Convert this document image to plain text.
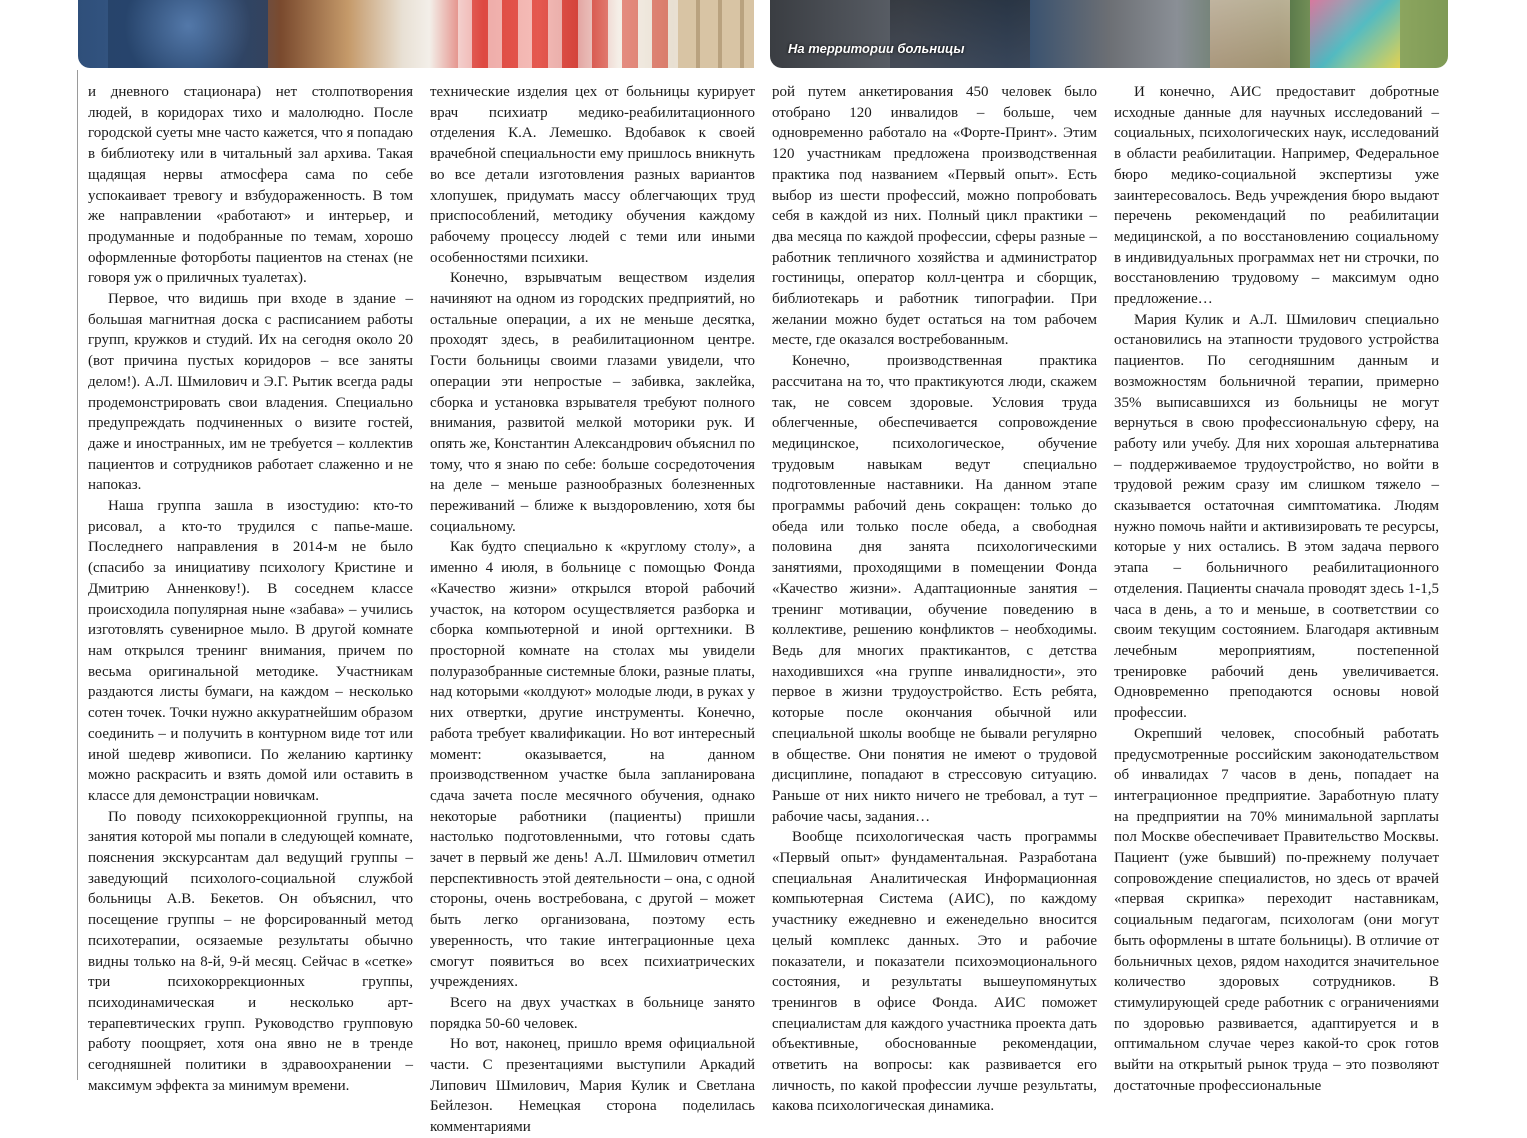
На территории больницы

и дневного стационара) нет столпотворения людей, в коридорах тихо и малолюдно. После городской суеты мне часто кажется, что я попадаю в библиотеку или в читальный зал архива. Такая щадящая нервы атмосфера сама по себе успокаивает тревогу и взбудораженность. В том же направлении «работают» и интерьер, и продуманные и подобранные по темам, хорошо оформленные фоторботы пациентов на стенах (не говоря уж о приличных туалетах).

Первое, что видишь при входе в здание – большая магнитная доска с расписанием работы групп, кружков и студий. Их на сегодня около 20 (вот причина пустых коридоров – все заняты делом!). А.Л. Шмилович и Э.Г. Рытик всегда рады продемонстрировать свои владения. Специально предупреждать подчиненных о визите гостей, даже и иностранных, им не требуется – коллектив пациентов и сотрудников работает слаженно и не напоказ.

Наша группа зашла в изостудию: кто-то рисовал, а кто-то трудился с папье-маше. Последнего направления в 2014-м не было (спасибо за инициативу психологу Кристине и Дмитрию Анненкову!). В соседнем классе происходила популярная ныне «забава» – учились изготовлять сувенирное мыло. В другой комнате нам открылся тренинг внимания, причем по весьма оригинальной методике. Участникам раздаются листы бумаги, на каждом – несколько сотен точек. Точки нужно аккуратнейшим образом соединить – и получить в контурном виде тот или иной шедевр живописи. По желанию картинку можно раскрасить и взять домой или оставить в классе для демонстрации новичкам.

По поводу психокоррекционной группы, на занятия которой мы попали в следующей комнате, пояснения экскурсантам дал ведущий группы – заведующий психолого-социальной службой больницы А.В. Бекетов. Он объяснил, что посещение группы – не форсированный метод психотерапии, осязаемые результаты обычно видны только на 8-й, 9-й месяц. Сейчас в «сетке» три психокоррекционных группы, психодинамическая и несколько арт-терапевтических групп. Руководство групповую работу поощряет, хотя она явно не в тренде сегодняшней политики в здравоохранении – максимум эффекта за минимум времени.

технические изделия цех от больницы курирует врач психиатр медико-реабилитационного отделения К.А. Лемешко. Вдобавок к своей врачебной специальности ему пришлось вникнуть во все детали изготовления разных вариантов хлопушек, придумать массу облегчающих труд приспособлений, методику обучения каждому рабочему процессу людей с теми или иными особенностями психики.

Конечно, взрывчатым веществом изделия начиняют на одном из городских предприятий, но остальные операции, а их не меньше десятка, проходят здесь, в реабилитационном центре. Гости больницы своими глазами увидели, что операции эти непростые – забивка, заклейка, сборка и установка взрывателя требуют полного внимания, развитой мелкой моторики рук. И опять же, Константин Александрович объяснил по тому, что я знаю по себе: больше сосредоточения на деле – меньше разнообразных болезненных переживаний – ближе к выздоровлению, хотя бы социальному.

Как будто специально к «круглому столу», а именно 4 июля, в больнице с помощью Фонда «Качество жизни» открылся второй рабочий участок, на котором осуществляется разборка и сборка компьютерной и иной оргтехники. В просторной комнате на столах мы увидели полуразобранные системные блоки, разные платы, над которыми «колдуют» молодые люди, в руках у них отвертки, другие инструменты. Конечно, работа требует квалификации. Но вот интересный момент: оказывается, на данном производственном участке была запланирована сдача зачета после месячного обучения, однако некоторые работники (пациенты) пришли настолько подготовленными, что готовы сдать зачет в первый же день! А.Л. Шмилович отметил перспективность этой деятельности – она, с одной стороны, очень востребована, с другой – может быть легко организована, поэтому есть уверенность, что такие интеграционные цеха смогут появиться во всех психиатрических учреждениях.

Всего на двух участках в больнице занято порядка 50-60 человек.

Но вот, наконец, пришло время официальной части. С презентациями выступили Аркадий Липович Шмилович, Мария Кулик и Светлана Бейлезон. Немецкая сторона поделилась комментариями

рой путем анкетирования 450 человек было отобрано 120 инвалидов – больше, чем одновременно работало на «Форте-Принт». Этим 120 участникам предложена производственная практика под названием «Первый опыт». Есть выбор из шести профессий, можно попробовать себя в каждой из них. Полный цикл практики – два месяца по каждой профессии, сферы разные – работник тепличного хозяйства и администратор гостиницы, оператор колл-центра и сборщик, библиотекарь и работник типографии. При желании можно будет остаться на том рабочем месте, где оказался востребованным.

Конечно, производственная практика рассчитана на то, что практикуются люди, скажем так, не совсем здоровые. Условия труда облегченные, обеспечивается сопровождение медицинское, психологическое, обучение трудовым навыкам ведут специально подготовленные наставники. На данном этапе программы рабочий день сокращен: только до обеда или только после обеда, а свободная половина дня занята психологическими занятиями, проходящими в помещении Фонда «Качество жизни». Адаптационные занятия – тренинг мотивации, обучение поведению в коллективе, решению конфликтов – необходимы. Ведь для многих практикантов, с детства находившихся «на группе инвалидности», это первое в жизни трудоустройство. Есть ребята, которые после окончания обычной или специальной школы вообще не бывали регулярно в обществе. Они понятия не имеют о трудовой дисциплине, попадают в стрессовую ситуацию. Раньше от них никто ничего не требовал, а тут – рабочие часы, задания…

Вообще психологическая часть программы «Первый опыт» фундаментальная. Разработана специальная Аналитическая Информационная компьютерная Система (АИС), по каждому участнику ежедневно и еженедельно вносится целый комплекс данных. Это и рабочие показатели, и показатели психоэмоционального состояния, и результаты вышеупомянутых тренингов в офисе Фонда. АИС поможет специалистам для каждого участника проекта дать объективные, обоснованные рекомендации, ответить на вопросы: как развивается его личность, по какой профессии лучше результаты, какова психологическая динамика.

И конечно, АИС предоставит добротные исходные данные для научных исследований – социальных, психологических наук, исследований в области реабилитации. Например, Федеральное бюро медико-социальной экспертизы уже заинтересовалось. Ведь учреждения бюро выдают перечень рекомендаций по реабилитации медицинской, а по восстановлению социальному в индивидуальных программах нет ни строчки, по восстановлению трудовому – максимум одно предложение…

Мария Кулик и А.Л. Шмилович специально остановились на этапности трудового устройства пациентов. По сегодняшним данным и возможностям больничной терапии, примерно 35% выписавшихся из больницы не могут вернуться в свою профессиональную сферу, на работу или учебу. Для них хорошая альтернатива – поддерживаемое трудоустройство, но войти в трудовой режим сразу им слишком тяжело – сказывается остаточная симптоматика. Людям нужно помочь найти и активизировать те ресурсы, которые у них остались. В этом задача первого этапа – больничного реабилитационного отделения. Пациенты сначала проводят здесь 1-1,5 часа в день, а то и меньше, в соответствии со своим текущим состоянием. Благодаря активным лечебным мероприятиям, постепенной тренировке рабочий день увеличивается. Одновременно преподаются основы новой профессии.

Окрепший человек, способный работать предусмотренные российским законодательством об инвалидах 7 часов в день, попадает на интеграционное предприятие. Заработную плату на предприятии на 70% минимальной зарплаты пол Москве обеспечивает Правительство Москвы. Пациент (уже бывший) по-прежнему получает сопровождение специалистов, но здесь от врачей «первая скрипка» переходит наставникам, социальным педагогам, психологам (они могут быть оформлены в штате больницы). В отличие от больничных цехов, рядом находится значительное количество здоровых сотрудников. В стимулирующей среде работник с ограничениями по здоровью развивается, адаптируется и в оптимальном случае через какой-то срок готов выйти на открытый рынок труда – это позволяют достаточные профессиональные
